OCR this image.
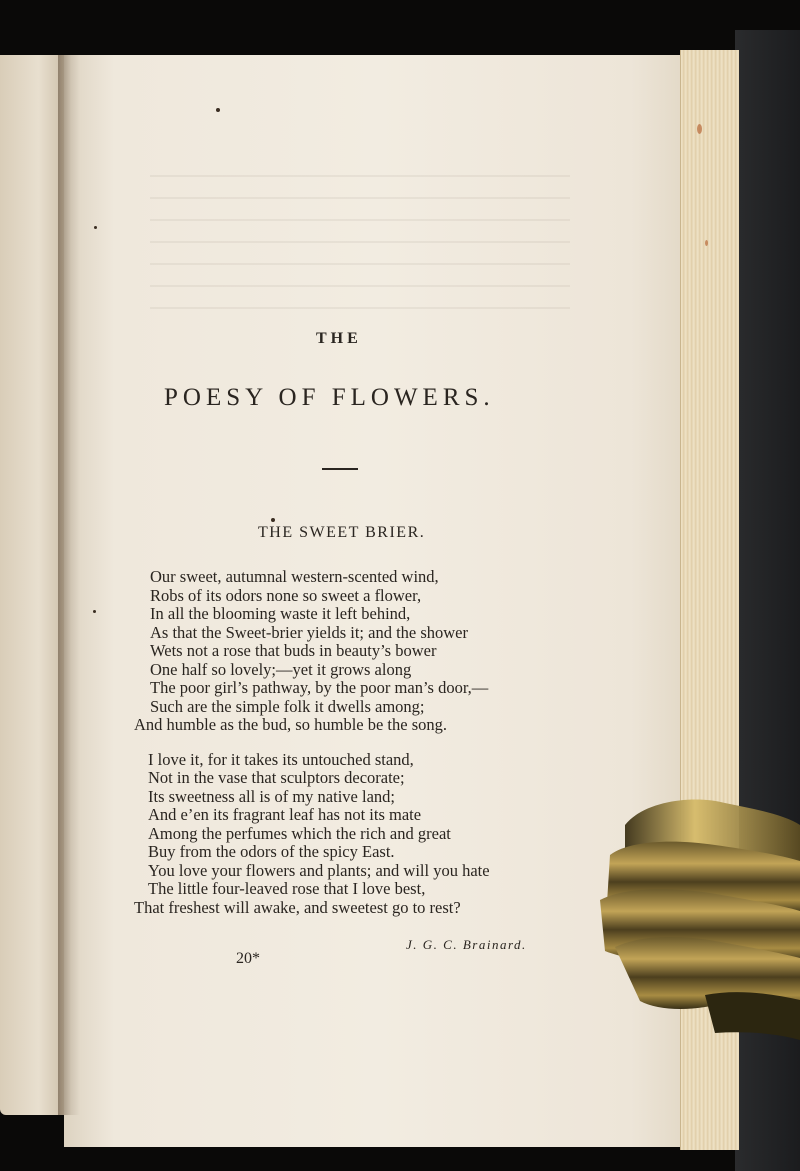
THE
POESY OF FLOWERS.
THE SWEET BRIER.
Our sweet, autumnal western-scented wind,
Robs of its odors none so sweet a flower,
In all the blooming waste it left behind,
As that the Sweet-brier yields it; and the shower
Wets not a rose that buds in beauty’s bower
One half so lovely;—yet it grows along
The poor girl’s pathway, by the poor man’s door,—
Such are the simple folk it dwells among;
And humble as the bud, so humble be the song.
I love it, for it takes its untouched stand,
Not in the vase that sculptors decorate;
Its sweetness all is of my native land;
And e’en its fragrant leaf has not its mate
Among the perfumes which the rich and great
Buy from the odors of the spicy East.
You love your flowers and plants; and will you hate
The little four-leaved rose that I love best,
That freshest will awake, and sweetest go to rest?
J. G. C. Brainard.
20*
